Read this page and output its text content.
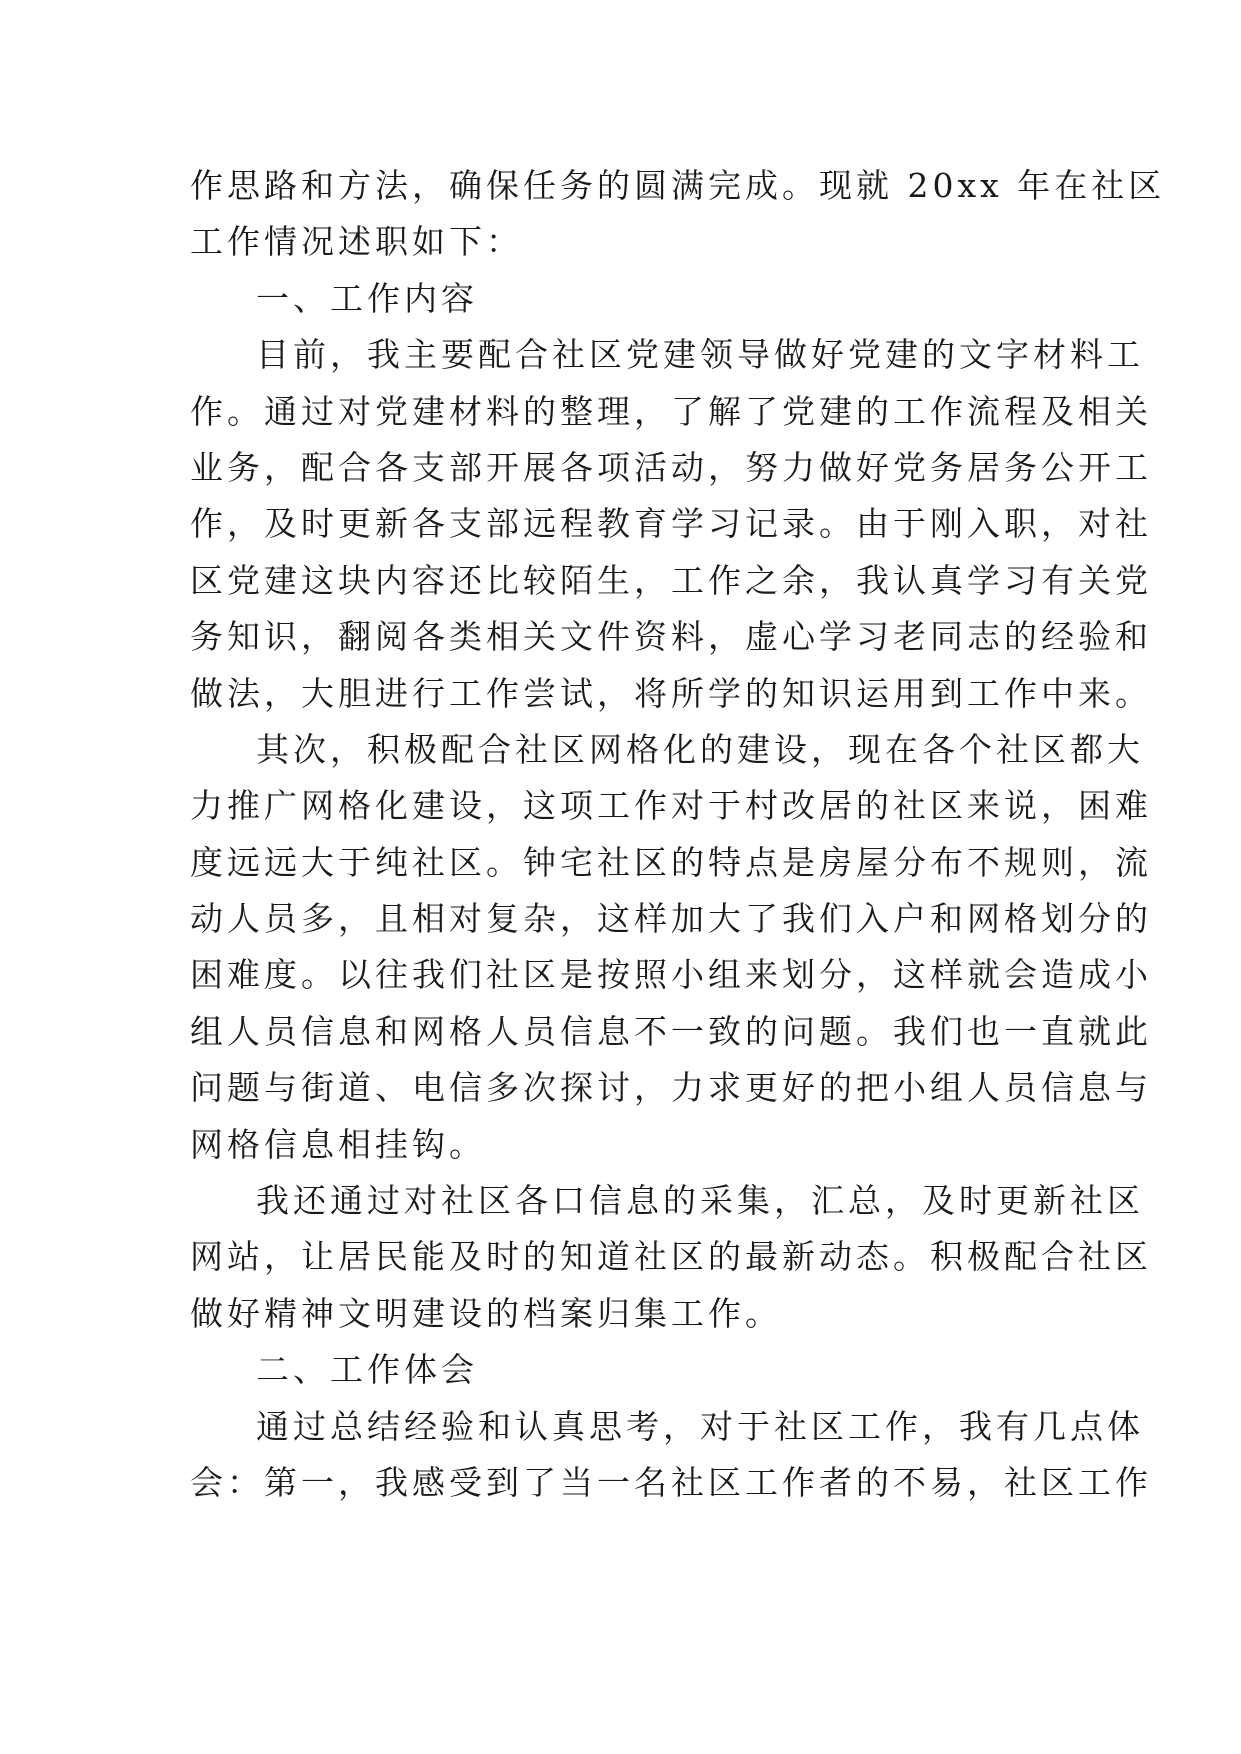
作思路和方法，确保任务的圆满完成。现就 20xx 年在社区
工作情况述职如下：
一、工作内容
目前，我主要配合社区党建领导做好党建的文字材料工
作。通过对党建材料的整理，了解了党建的工作流程及相关
业务，配合各支部开展各项活动，努力做好党务居务公开工
作，及时更新各支部远程教育学习记录。由于刚入职，对社
区党建这块内容还比较陌生，工作之余，我认真学习有关党
务知识，翻阅各类相关文件资料，虚心学习老同志的经验和
做法，大胆进行工作尝试，将所学的知识运用到工作中来。
其次，积极配合社区网格化的建设，现在各个社区都大
力推广网格化建设，这项工作对于村改居的社区来说，困难
度远远大于纯社区。钟宅社区的特点是房屋分布不规则，流
动人员多，且相对复杂，这样加大了我们入户和网格划分的
困难度。以往我们社区是按照小组来划分，这样就会造成小
组人员信息和网格人员信息不一致的问题。我们也一直就此
问题与街道、电信多次探讨，力求更好的把小组人员信息与
网格信息相挂钩。
我还通过对社区各口信息的采集，汇总，及时更新社区
网站，让居民能及时的知道社区的最新动态。积极配合社区
做好精神文明建设的档案归集工作。
二、工作体会
通过总结经验和认真思考，对于社区工作，我有几点体
会：第一，我感受到了当一名社区工作者的不易，社区工作
